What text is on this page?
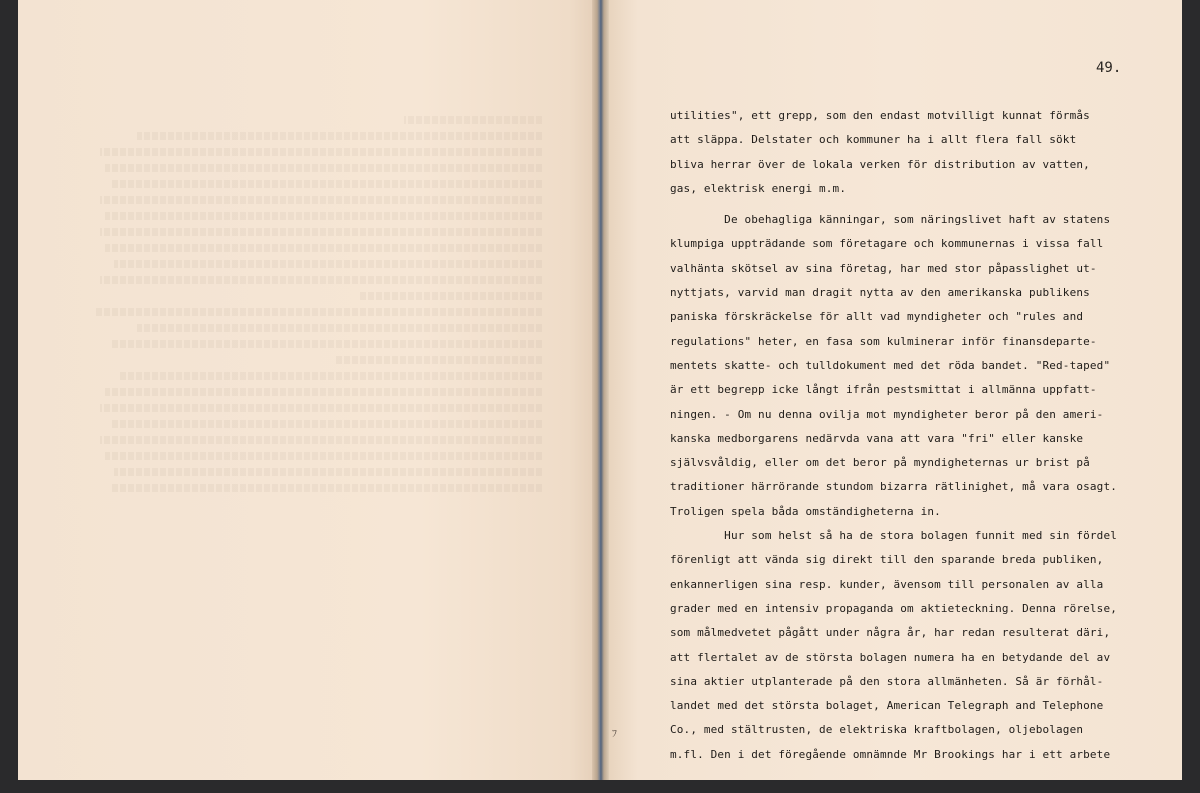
49.
utilities", ett grepp, som den endast motvilligt kunnat förmås
att släppa. Delstater och kommuner ha i allt flera fall sökt
bliva herrar över de lokala verken för distribution av vatten,
gas, elektrisk energi m.m.
De obehagliga känningar, som näringslivet haft av statens
klumpiga uppträdande som företagare och kommunernas i vissa fall
valhänta skötsel av sina företag, har med stor påpasslighet ut-
nyttjats, varvid man dragit nytta av den amerikanska publikens
paniska förskräckelse för allt vad myndigheter och "rules and
regulations" heter, en fasa som kulminerar inför finansdeparte-
mentets skatte- och tulldokument med det röda bandet. "Red-taped"
är ett begrepp icke långt ifrån pestsmittat i allmänna uppfatt-
ningen. - Om nu denna ovilja mot myndigheter beror på den ameri-
kanska medborgarens nedärvda vana att vara "fri" eller kanske
självsvåldig, eller om det beror på myndigheternas ur brist på
traditioner härrörande stundom bizarra rätlinighet, må vara osagt.
Troligen spela båda omständigheterna in.
Hur som helst så ha de stora bolagen funnit med sin fördel
förenligt att vända sig direkt till den sparande breda publiken,
enkannerligen sina resp. kunder, ävensom till personalen av alla
grader med en intensiv propaganda om aktieteckning. Denna rörelse,
som målmedvetet pågått under några år, har redan resulterat däri,
att flertalet av de största bolagen numera ha en betydande del av
sina aktier utplanterade på den stora allmänheten. Så är förhål-
landet med det största bolaget, American Telegraph and Telephone
Co., med stältrusten, de elektriska kraftbolagen, oljebolagen
m.fl. Den i det föregående omnämnde Mr Brookings har i ett arbete
ﾌ
